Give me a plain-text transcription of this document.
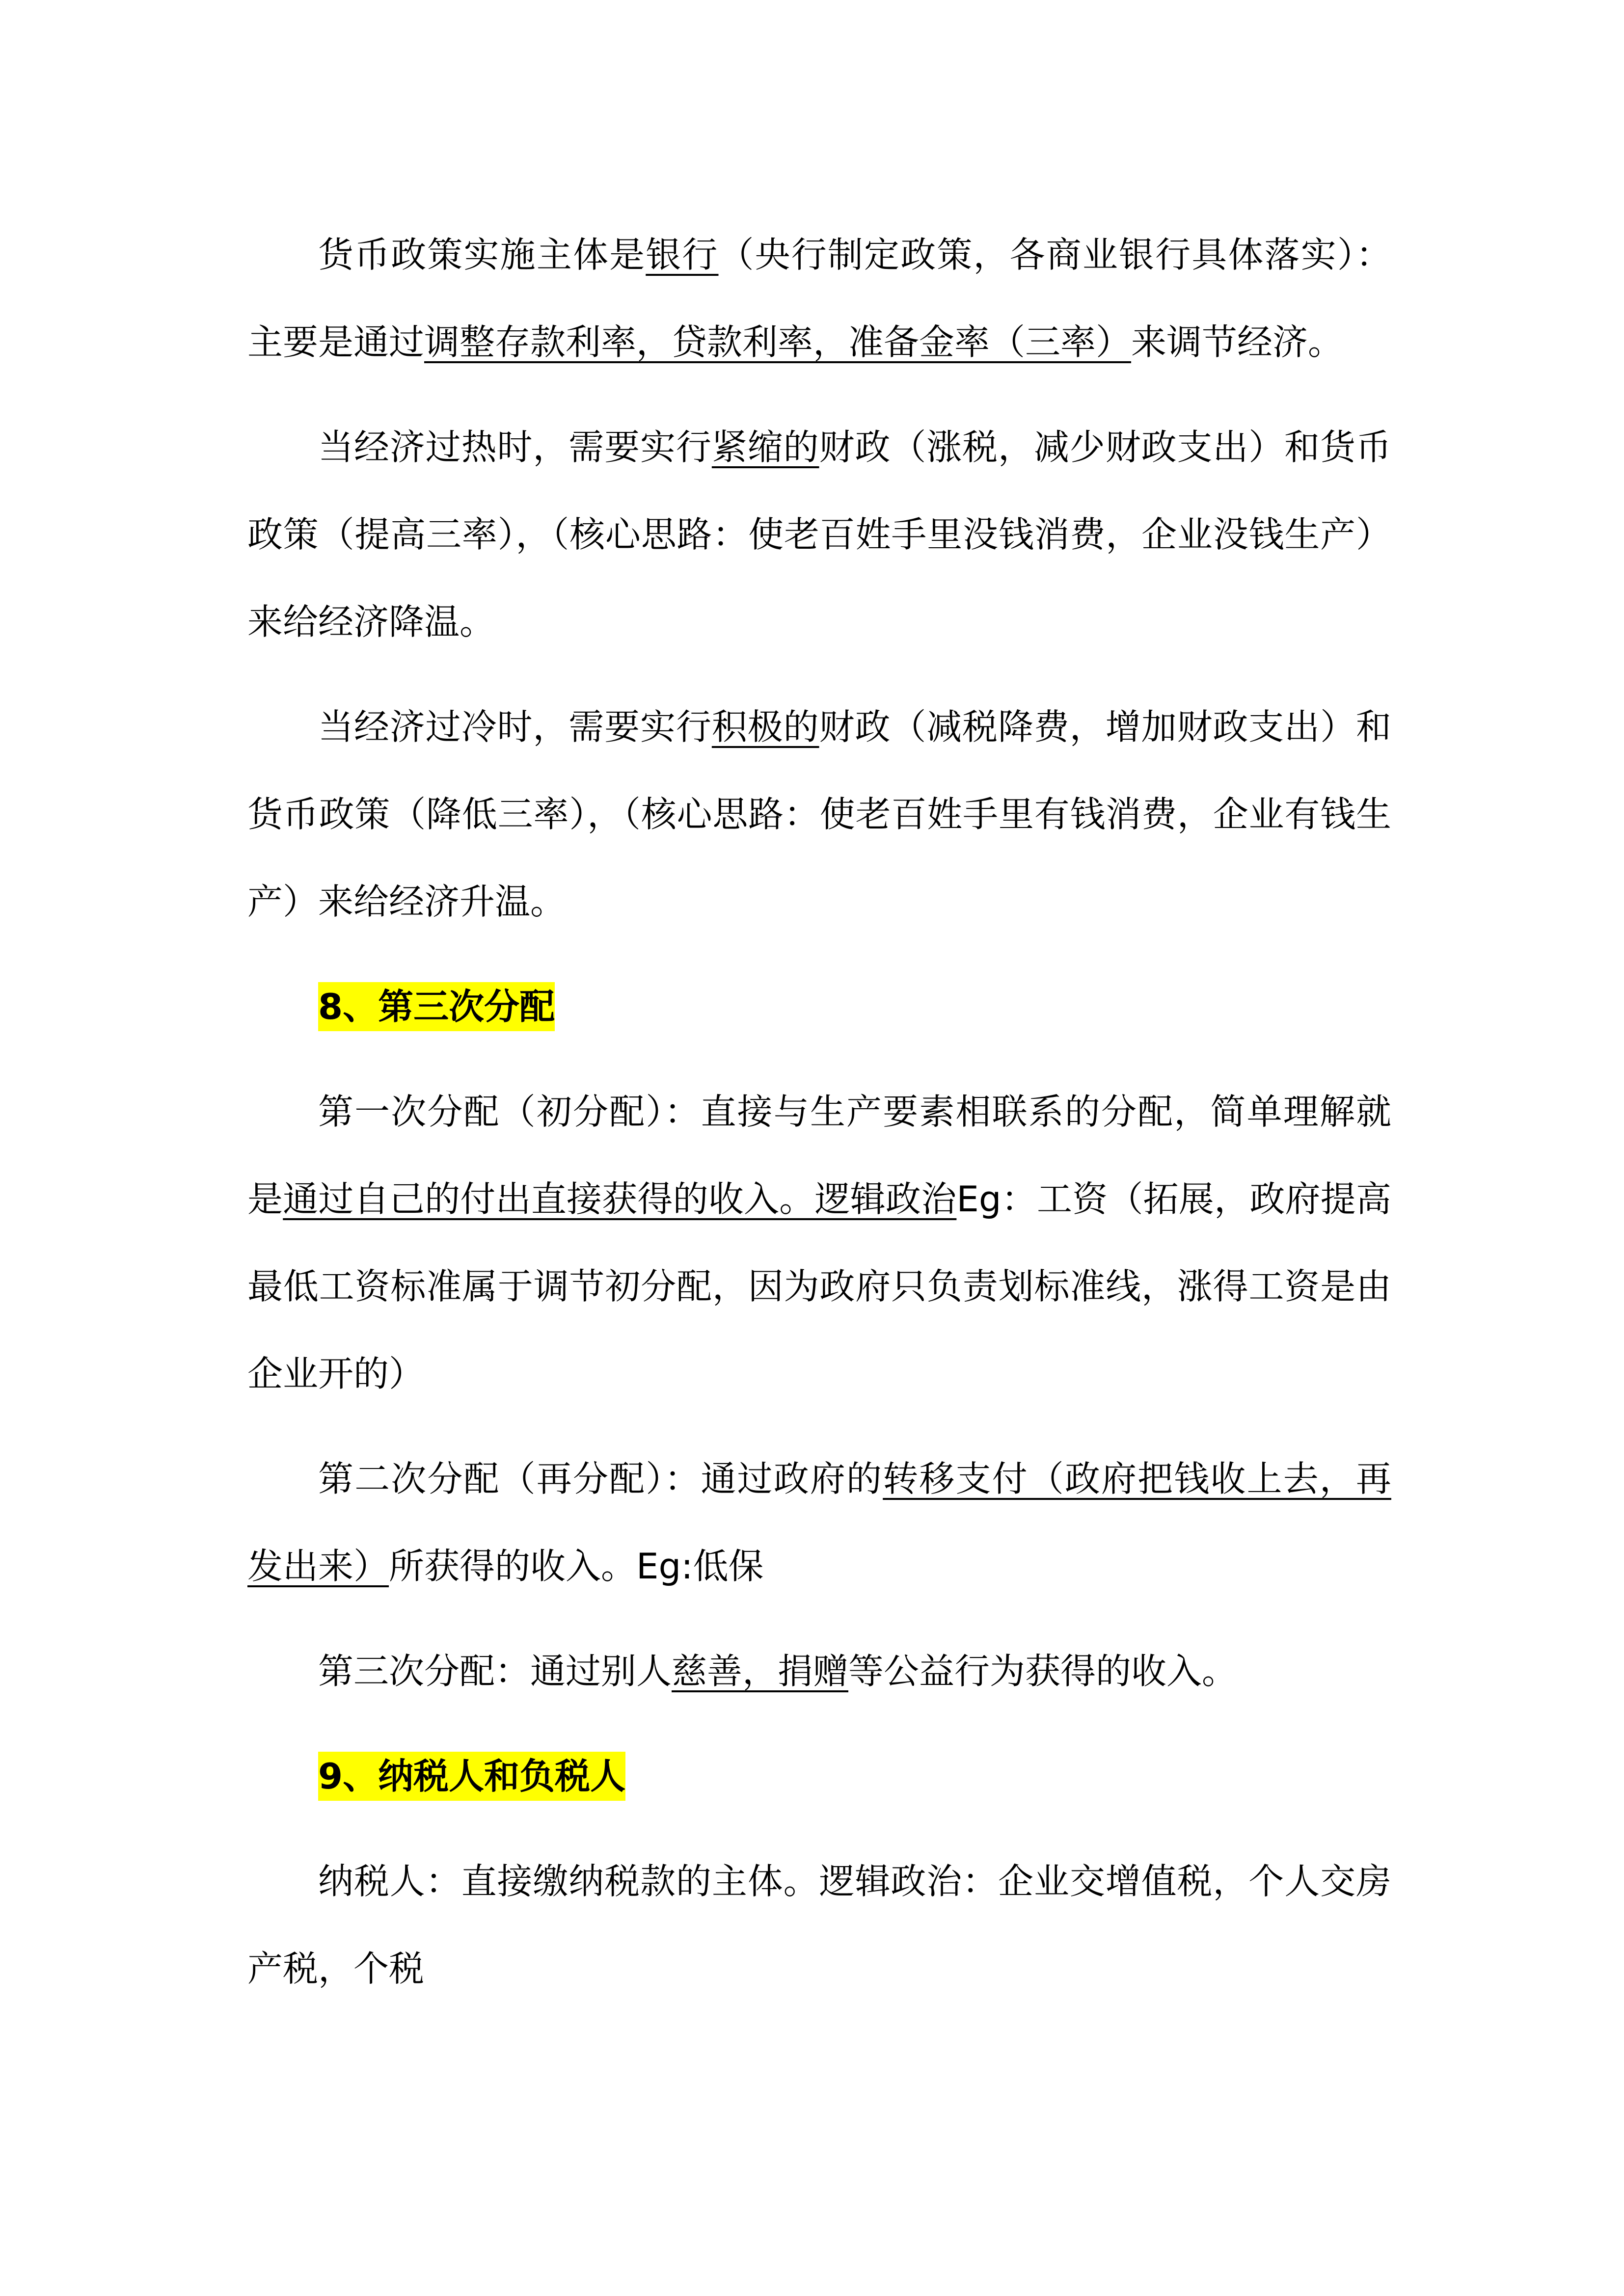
货币政策实施主体是银行（央行制定政策，各商业银行具体落实）：主要是通过调整存款利率，贷款利率，准备金率（三率）来调节经济。

当经济过热时，需要实行紧缩的财政（涨税，减少财政支出）和货币政策（提高三率），（核心思路：使老百姓手里没钱消费，企业没钱生产）来给经济降温。

当经济过冷时，需要实行积极的财政（减税降费，增加财政支出）和货币政策（降低三率），（核心思路：使老百姓手里有钱消费，企业有钱生产）来给经济升温。

8、第三次分配

第一次分配（初分配）：直接与生产要素相联系的分配，简单理解就是通过自己的付出直接获得的收入。逻辑政治Eg：工资（拓展，政府提高最低工资标准属于调节初分配，因为政府只负责划标准线，涨得工资是由企业开的）

第二次分配（再分配）：通过政府的转移支付（政府把钱收上去，再发出来）所获得的收入。Eg:低保

第三次分配：通过别人慈善，捐赠等公益行为获得的收入。

9、纳税人和负税人

纳税人：直接缴纳税款的主体。逻辑政治：企业交增值税，个人交房产税，个税
